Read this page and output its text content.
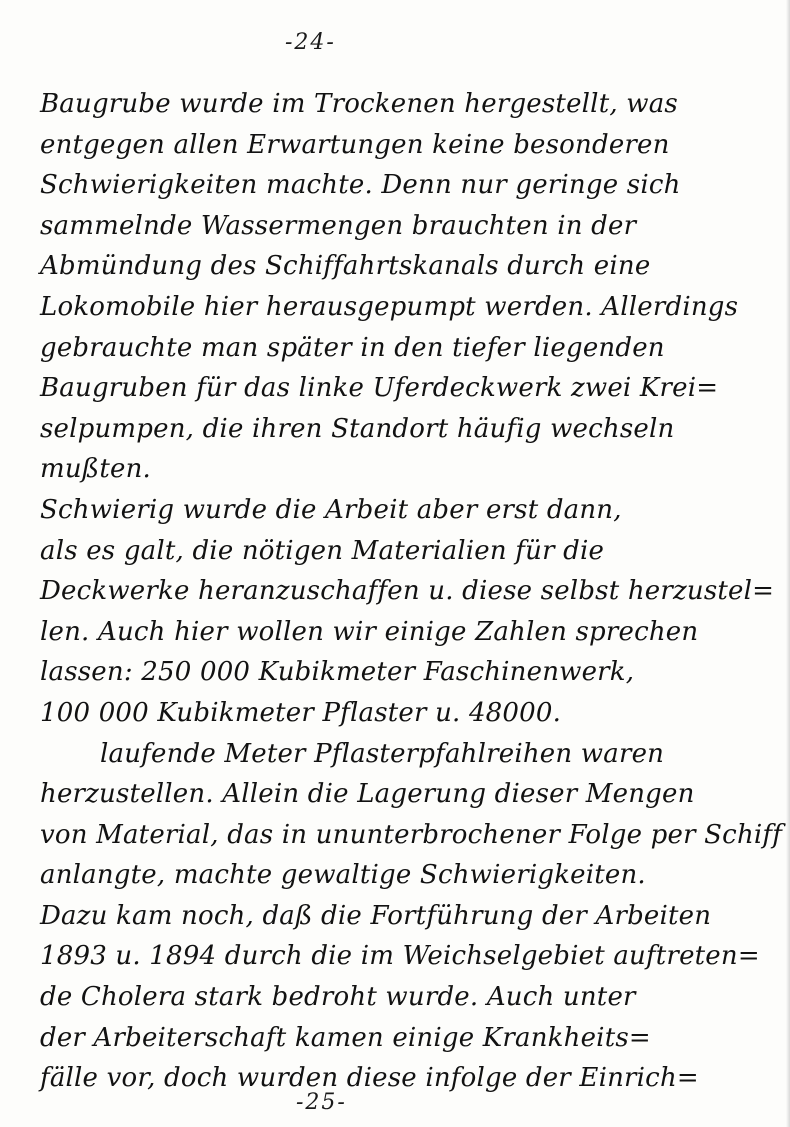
-24-
Baugrube wurde im Trockenen hergestellt, was
entgegen allen Erwartungen keine besonderen
Schwierigkeiten machte. Denn nur geringe sich
sammelnde Wassermengen brauchten in der
Abmündung des Schiffahrtskanals durch eine
Lokomobile hier herausgepumpt werden. Allerdings
gebrauchte man später in den tiefer liegenden
Baugruben für das linke Uferdeckwerk zwei Krei=
selpumpen, die ihren Standort häufig wechseln
mußten.
Schwierig wurde die Arbeit aber erst dann,
als es galt, die nötigen Materialien für die
Deckwerke heranzuschaffen u. diese selbst herzustel=
len. Auch hier wollen wir einige Zahlen sprechen
lassen: 250 000 Kubikmeter Faschinenwerk,
100 000 Kubikmeter Pflaster u. 48000.
laufende Meter Pflasterpfahlreihen waren
herzustellen. Allein die Lagerung dieser Mengen
von Material, das in ununterbrochener Folge per Schiff
anlangte, machte gewaltige Schwierigkeiten.
Dazu kam noch, daß die Fortführung der Arbeiten
1893 u. 1894 durch die im Weichselgebiet auftreten=
de Cholera stark bedroht wurde. Auch unter
der Arbeiterschaft kamen einige Krankheits=
fälle vor, doch wurden diese infolge der Einrich=
-25-
